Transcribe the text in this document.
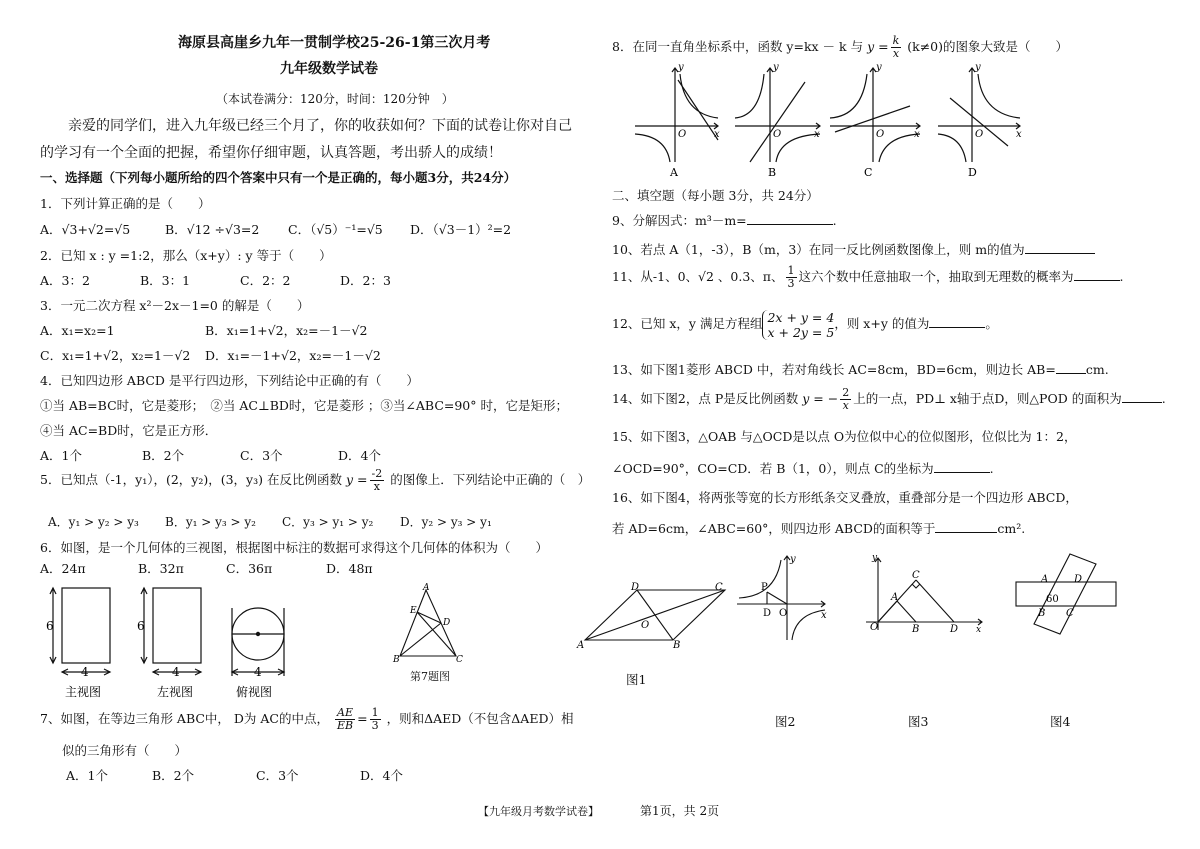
海原县高崖乡九年一贯制学校25-26-1第三次月考
九年级数学试卷
（本试卷满分：120分，时间：120分钟　）
　　亲爱的同学们，进入九年级已经三个月了，你的收获如何？下面的试卷让你对自己
的学习有一个全面的把握，希望你仔细审题，认真答题，考出骄人的成绩！
一、选择题（下列每小题所给的四个答案中只有一个是正确的，每小题3分，共24分）
1．下列计算正确的是（　　）
A．√3+√2=√5	B．√12 ÷√3=2 C．（√5）⁻¹=√5 D．（√3－1）²=2
2．已知 x : y =1:2，那么（x+y）: y 等于（　　）
A．3：2	B．3：1	C．2：2	D．2：3
3．一元二次方程 x²－2x－1=0 的解是（　　）
A．x₁=x₂=1	B．x₁=1+√2，x₂=－1－√2
C．x₁=1+√2，x₂=1－√2 D．x₁=－1+√2，x₂=－1－√2
4．已知四边形 ABCD 是平行四边形，下列结论中正确的有（　　）
①当 AB=BC时，它是菱形；　②当 AC⊥BD时，它是菱形 ；③当∠ABC=90° 时，它是矩形；
④当 AC=BD时，它是正方形．
A．1个	B．2个	C．3个	D．4个
5．已知点（-1，y₁），(2，y₂)，(3，y₃) 在反比例函数 $y = \frac{-2}{x}$ 的图像上．下列结论中正确的（　）
A．y₁ > y₂ > y₃ B．y₁ > y₃ > y₂ C．y₃ > y₁ > y₂ D．y₂ > y₃ > y₁
6．如图，是一个几何体的三视图，根据图中标注的数据可求得这个几何体的体积为（　　）
A．24π	B．32π	C．36π	D．48π
6
4
6
4	4
主视图	左视图	俯视图
A
B	C
D
E
第7题图
7、如图，在等边三角形 ABC中， D为 AC的中点， $\frac{AE}{EB} = \frac{1}{3}$ ，则和ΔAED（不包含ΔAED）相
似的三角形有（　　）
A．1个	B．2个	C．3个	D．4个
8．在同一直角坐标系中，函数 y=kx － k 与 $y = \frac{k}{x} (k\ne 0)$的图象大致是（　　）
y
x
O
y
x
O
y
x
O
y
x
O
A	B	C	D
二、填空题（每小题 3分，共 24分）
9、分解因式：m³－m=	.
10、若点 A（1，-3），B（m，3）在同一反比例函数图像上，则 m的值为
11、从-1、0、√2 、0.3、π、 $\frac{1}{3}$ 这六个数中任意抽取一个，抽取到无理数的概率为	.
12、已知 x，y 满足方程组 2x + y = 4
x + 2y = 5，则 x+y 的值为	。
13、如下图1菱形 ABCD 中，若对角线长 AC=8cm，BD=6cm，则边长 AB= cm.
14、如下图2，点 P是反比例函数 y = − $\frac{2}{x}$ 上的一点，PD⊥ x轴于点D，则△POD 的面积为	.
15、如下图3，△OAB 与△OCD是以点 O为位似中心的位似图形，位似比为 1：2，
∠OCD=90°，CO=CD．若 B（1，0），则点 C的坐标为	.
16、如下图4，将两张等宽的长方形纸条交叉叠放，重叠部分是一个四边形 ABCD，
若 AD=6cm，∠ABC=60°，则四边形 ABCD的面积等于	cm².
A	B
C
D
O
图1
y
x
P
D O
图2
y
x
C
A
O	B	D
图3
A
B C
D
60
图4
【九年级月考数学试卷】	第1页，共 2页
